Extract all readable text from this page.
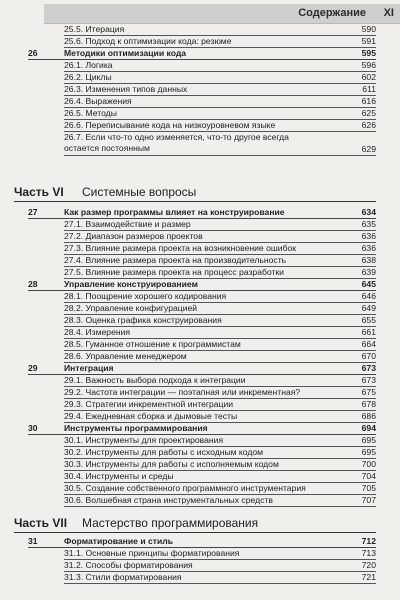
Содержание XI
25.5. Итерация	590
25.6. Подход к оптимизации кода: резюме	591
26	Методики оптимизации кода	595
26.1. Логика	596
26.2. Циклы	602
26.3. Изменения типов данных	611
26.4. Выражения	616
26.5. Методы	625
26.6. Переписывание кода на низкоуровневом языке	626
26.7. Если что-то одно изменяется, что-то другое всегда остается постоянным	629
27	Как размер программы влияет на конструирование	634
27.1. Взаимодействие и размер	635
27.2. Диапазон размеров проектов	636
27.3. Влияние размера проекта на возникновение ошибок	636
27.4. Влияние размера проекта на производительность	638
27.5. Влияние размера проекта на процесс разработки	639
28	Управление конструированием	645
28.1. Поощрение хорошего кодирования	646
28.2. Управление конфигурацией	649
28.3. Оценка графика конструирования	655
28.4. Измерения	661
28.5. Гуманное отношение к программистам	664
28.6. Управление менеджером	670
29	Интеграция	673
29.1. Важность выбора подхода к интеграции	673
29.2. Частота интеграции — поэтапная или инкрементная?	675
29.3. Стратегии инкрементной интеграции	678
29.4. Ежедневная сборка и дымовые тесты	686
30	Инструменты программирования	694
30.1. Инструменты для проектирования	695
30.2. Инструменты для работы с исходным кодом	695
30.3. Инструменты для работы с исполняемым кодом	700
30.4. Инструменты и среды	704
30.5. Создание собственного программного инструментария	705
30.6. Волшебная страна инструментальных средств	707
Часть VI Системные вопросы
Часть VII Мастерство программирования
31	Форматирование и стиль	712
31.1. Основные принципы форматирования	713
31.2. Способы форматирования	720
31.3. Стили форматирования	721
